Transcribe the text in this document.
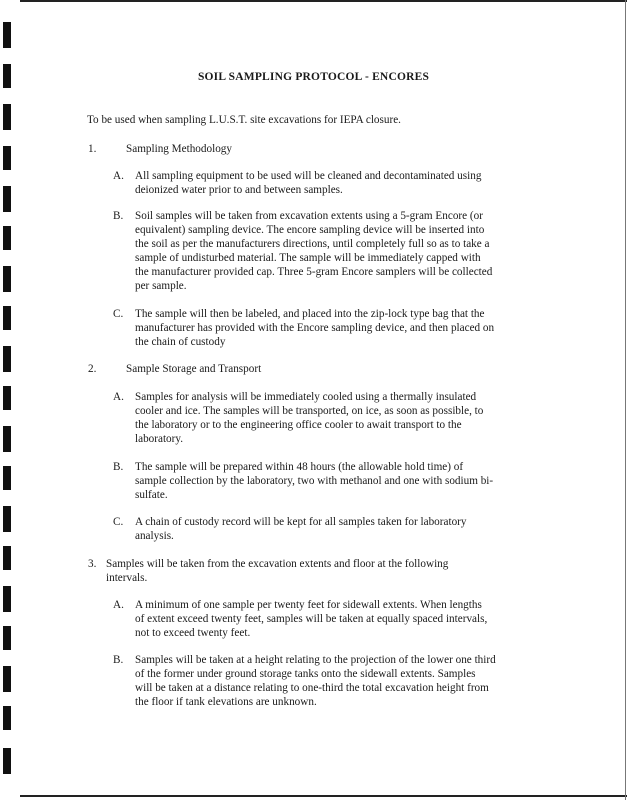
SOIL SAMPLING PROTOCOL - ENCORES
To be used when sampling L.U.S.T. site excavations for IEPA closure.
1.	Sampling Methodology
A. All sampling equipment to be used will be cleaned and decontaminated using
deionized water prior to and between samples.
B. Soil samples will be taken from excavation extents using a 5-gram Encore (or
equivalent) sampling device. The encore sampling device will be inserted into
the soil as per the manufacturers directions, until completely full so as to take a
sample of undisturbed material. The sample will be immediately capped with
the manufacturer provided cap. Three 5-gram Encore samplers will be collected
per sample.
C. The sample will then be labeled, and placed into the zip-lock type bag that the
manufacturer has provided with the Encore sampling device, and then placed on
the chain of custody
2.	Sample Storage and Transport
A. Samples for analysis will be immediately cooled using a thermally insulated
cooler and ice. The samples will be transported, on ice, as soon as possible, to
the laboratory or to the engineering office cooler to await transport to the
laboratory.
B. The sample will be prepared within 48 hours (the allowable hold time) of
sample collection by the laboratory, two with methanol and one with sodium bi-
sulfate.
C. A chain of custody record will be kept for all samples taken for laboratory
analysis.
3. Samples will be taken from the excavation extents and floor at the following
intervals.
A. A minimum of one sample per twenty feet for sidewall extents. When lengths
of extent exceed twenty feet, samples will be taken at equally spaced intervals,
not to exceed twenty feet.
B. Samples will be taken at a height relating to the projection of the lower one third
of the former under ground storage tanks onto the sidewall extents. Samples
will be taken at a distance relating to one-third the total excavation height from
the floor if tank elevations are unknown.
